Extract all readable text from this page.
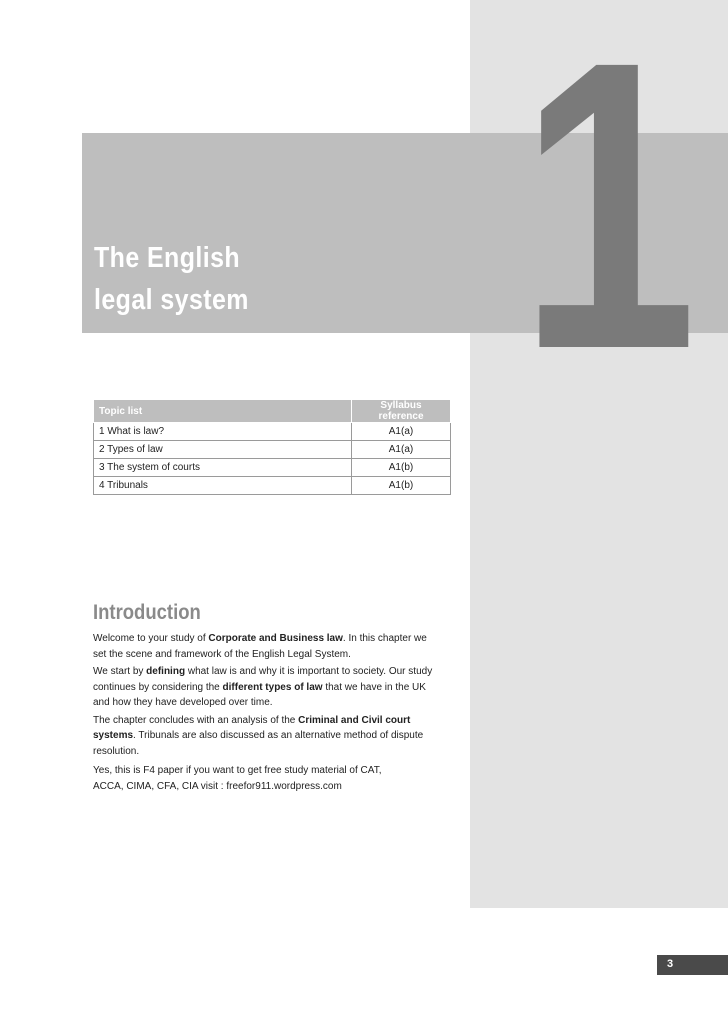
1
The English
legal system
Topic list	Syllabus reference
1 What is law?	A1(a)
2 Types of law	A1(a)
3 The system of courts	A1(b)
4 Tribunals	A1(b)
Introduction

Welcome to your study of Corporate and Business law. In this chapter we set the scene and framework of the English Legal System.

We start by defining what law is and why it is important to society. Our study continues by considering the different types of law that we have in the UK and how they have developed over time.

The chapter concludes with an analysis of the Criminal and Civil court systems. Tribunals are also discussed as an alternative method of dispute resolution.

Yes, this is F4 paper if you want to get free study material of CAT, ACCA, CIMA, CFA, CIA visit : freefor911.wordpress.com

3
